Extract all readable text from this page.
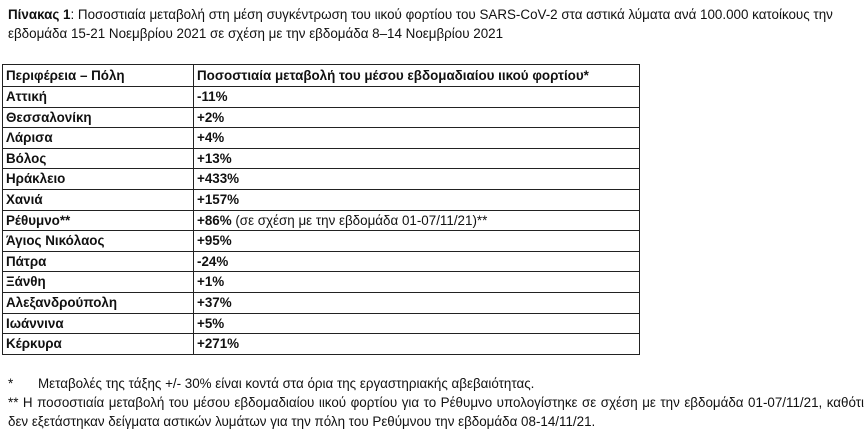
Πίνακας 1: Ποσοστιαία μεταβολή στη μέση συγκέντρωση του ιικού φορτίου του SARS-CoV-2 στα αστικά λύματα ανά 100.000 κατοίκους την εβδομάδα 15-21 Νοεμβρίου 2021 σε σχέση με την εβδομάδα 8–14 Νοεμβρίου 2021
Περιφέρεια – Πόλη	Ποσοστιαία μεταβολή του μέσου εβδομαδιαίου ιικού φορτίου*
Αττική	-11%
Θεσσαλονίκη	+2%
Λάρισα	+4%
Βόλος	+13%
Ηράκλειο	+433%
Χανιά	+157%
Ρέθυμνο**	+86% (σε σχέση με την εβδομάδα 01-07/11/21)**
Άγιος Νικόλαος	+95%
Πάτρα	-24%
Ξάνθη	+1%
Αλεξανδρούπολη	+37%
Ιωάννινα	+5%
Κέρκυρα	+271%
*	Μεταβολές της τάξης +/- 30% είναι κοντά στα όρια της εργαστηριακής αβεβαιότητας.
** Η ποσοστιαία μεταβολή του μέσου εβδομαδιαίου ιικού φορτίου για το Ρέθυμνο υπολογίστηκε σε σχέση με την εβδομάδα 01-07/11/21, καθότι δεν εξετάστηκαν δείγματα αστικών λυμάτων για την πόλη του Ρεθύμνου την εβδομάδα 08-14/11/21.
